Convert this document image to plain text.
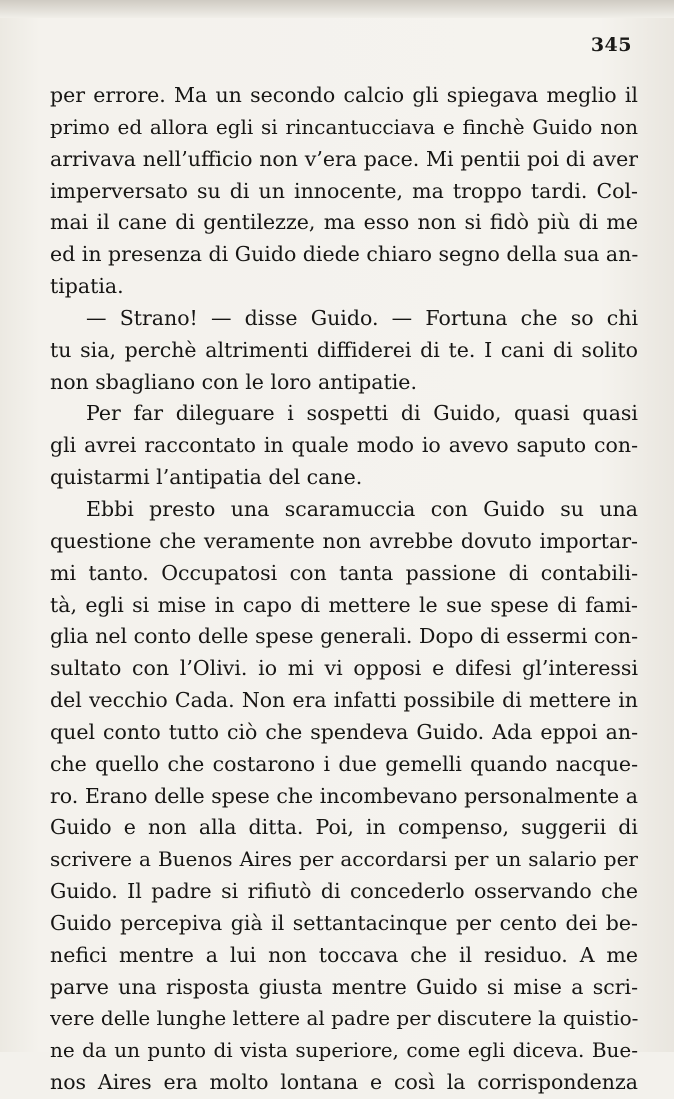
345
per errore. Ma un secondo calcio gli spiegava meglio il
primo ed allora egli si rincantucciava e finchè Guido non
arrivava nell’ufficio non v’era pace. Mi pentii poi di aver
imperversato su di un innocente, ma troppo tardi. Col-
mai il cane di gentilezze, ma esso non si fidò più di me
ed in presenza di Guido diede chiaro segno della sua an-
tipatia.
— Strano! — disse Guido. — Fortuna che so chi
tu sia, perchè altrimenti diffiderei di te. I cani di solito
non sbagliano con le loro antipatie.
Per far dileguare i sospetti di Guido, quasi quasi
gli avrei raccontato in quale modo io avevo saputo con-
quistarmi l’antipatia del cane.
Ebbi presto una scaramuccia con Guido su una
questione che veramente non avrebbe dovuto importar-
mi tanto. Occupatosi con tanta passione di contabili-
tà, egli si mise in capo di mettere le sue spese di fami-
glia nel conto delle spese generali. Dopo di essermi con-
sultato con l’Olivi. io mi vi opposi e difesi gl’interessi
del vecchio Cada. Non era infatti possibile di mettere in
quel conto tutto ciò che spendeva Guido. Ada eppoi an-
che quello che costarono i due gemelli quando nacque-
ro. Erano delle spese che incombevano personalmente a
Guido e non alla ditta. Poi, in compenso, suggerii di
scrivere a Buenos Aires per accordarsi per un salario per
Guido. Il padre si rifiutò di concederlo osservando che
Guido percepiva già il settantacinque per cento dei be-
nefici mentre a lui non toccava che il residuo. A me
parve una risposta giusta mentre Guido si mise a scri-
vere delle lunghe lettere al padre per discutere la quistio-
ne da un punto di vista superiore, come egli diceva. Bue-
nos Aires era molto lontana e così la corrispondenza
